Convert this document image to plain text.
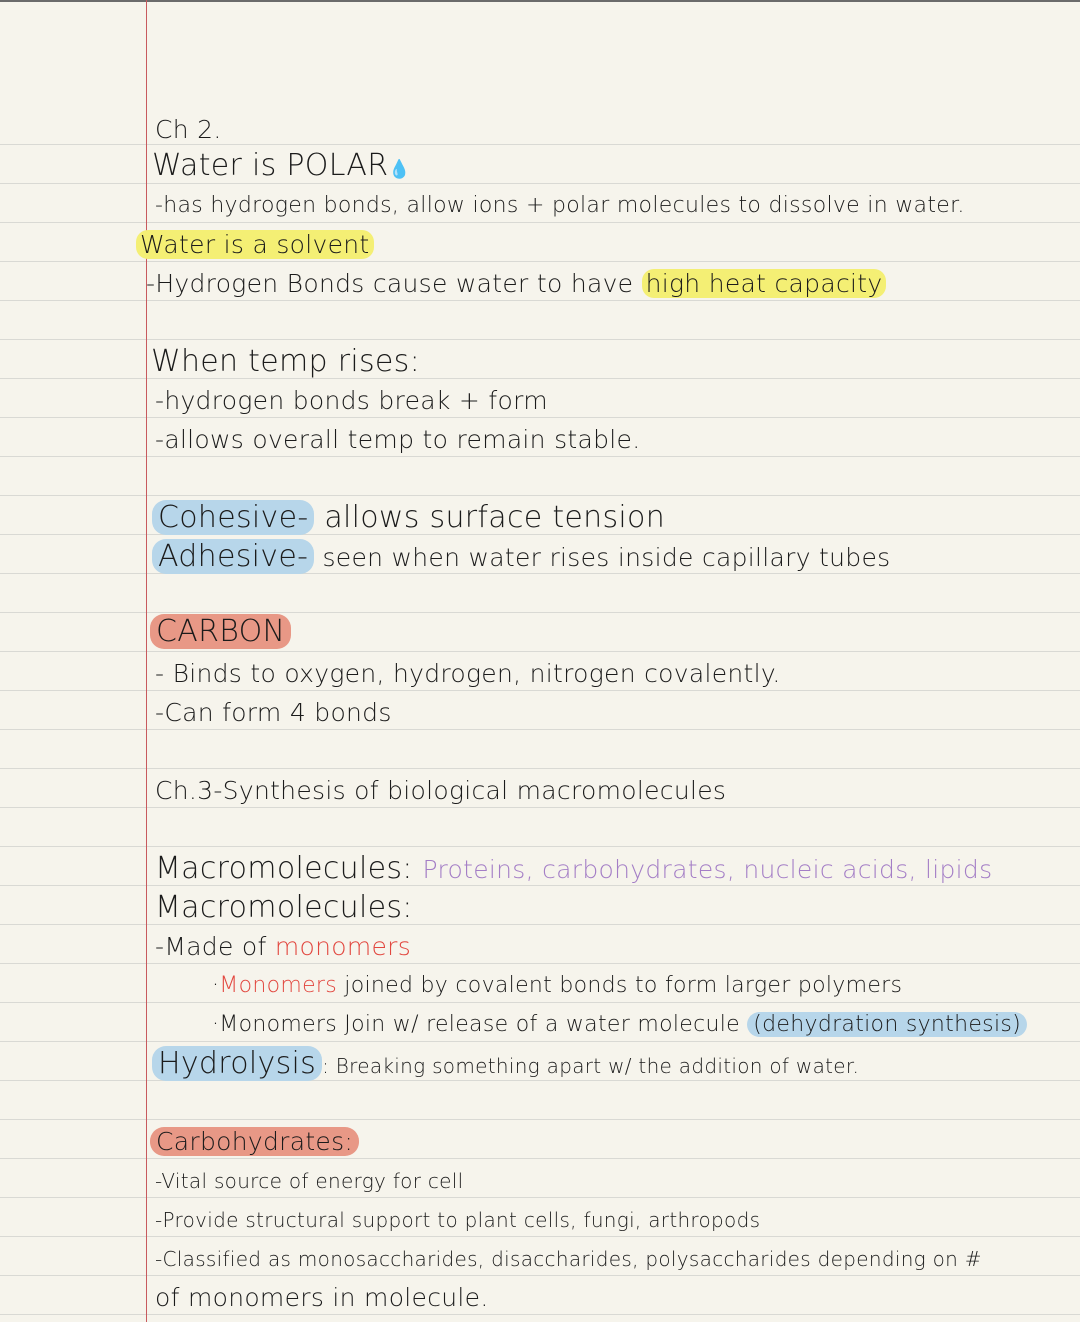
Ch 2.
Water is POLAR💧
-has hydrogen bonds, allow ions + polar molecules to dissolve in water.
Water is a solvent
-Hydrogen Bonds cause water to have high heat capacity
When temp rises:
-hydrogen bonds break + form
-allows overall temp to remain stable.
Cohesive- allows surface tension
Adhesive- seen when water rises inside capillary tubes
CARBON
- Binds to oxygen, hydrogen, nitrogen covalently.
-Can form 4 bonds
Ch.3-Synthesis of biological macromolecules
Macromolecules: Proteins, carbohydrates, nucleic acids, lipids
Macromolecules:
-Made of monomers
·Monomers joined by covalent bonds to form larger polymers
·Monomers Join w/ release of a water molecule (dehydration synthesis)
Hydrolysis : Breaking something apart w/ the addition of water.
Carbohydrates:
-Vital source of energy for cell
-Provide structural support to plant cells, fungi, arthropods
-Classified as monosaccharides, disaccharides, polysaccharides depending on #
of monomers in molecule.
